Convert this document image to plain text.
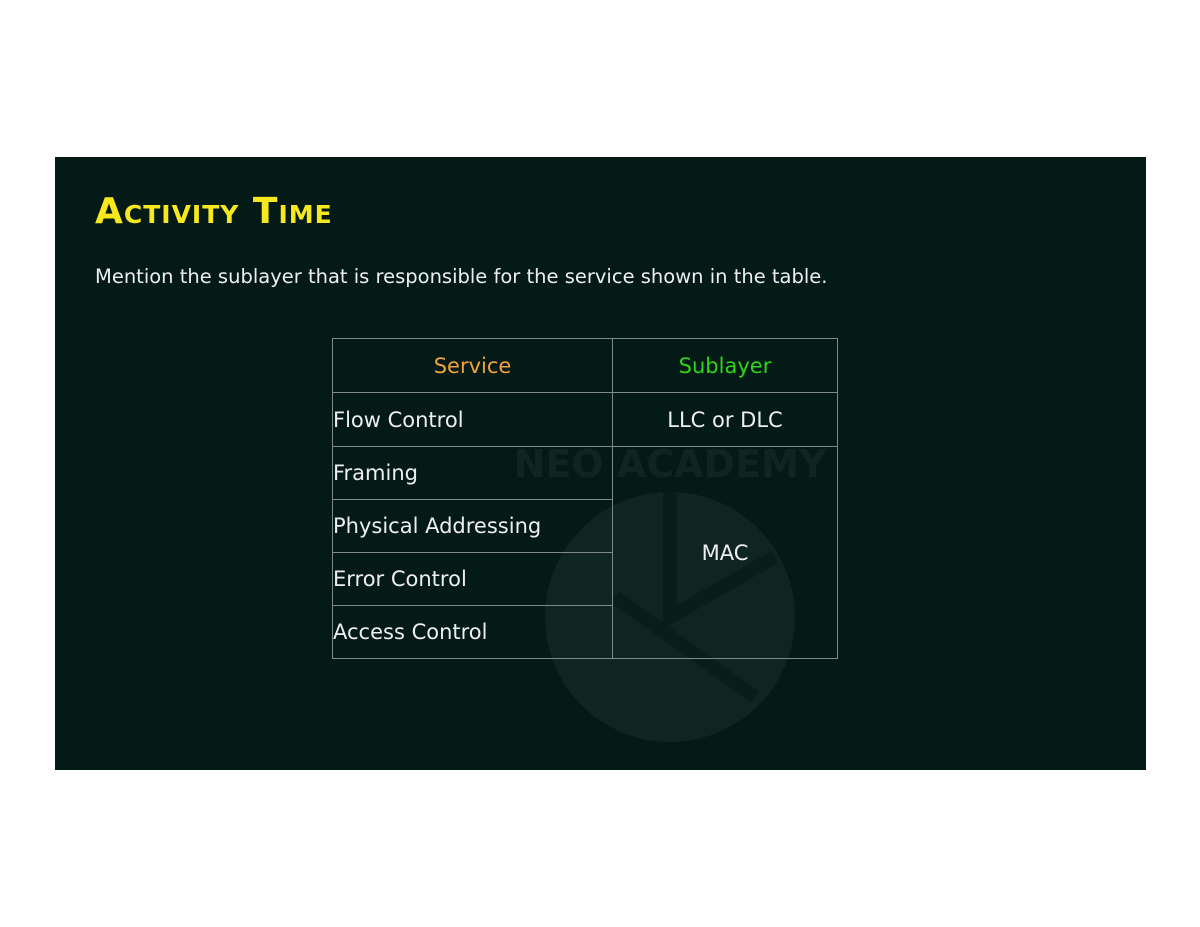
NEO ACADEMY
Activity Time

Mention the sublayer that is responsible for the service shown in the table.

Service	Sublayer
Flow Control	LLC or DLC
Framing	MAC
Physical Addressing	
Error Control	
Access Control	
